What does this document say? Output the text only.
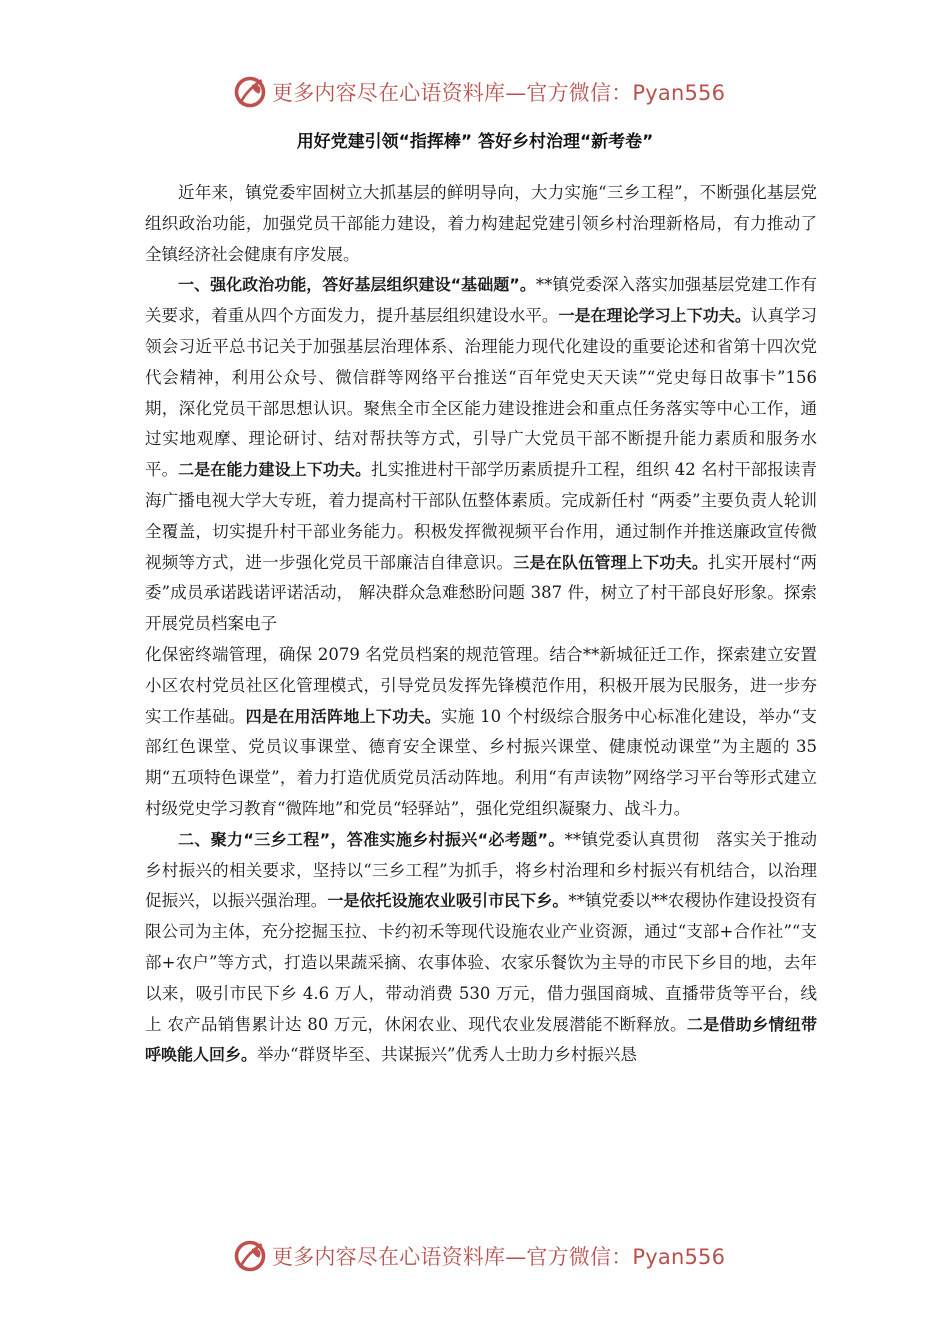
更多内容尽在心语资料库—官方微信：Pyan556
用好党建引领“指挥棒” 答好乡村治理“新考卷”

近年来，镇党委牢固树立大抓基层的鲜明导向，大力实施“三乡工程”，不断强化基层党组织政治功能，加强党员干部能力建设，着力构建起党建引领乡村治理新格局，有力推动了全镇经济社会健康有序发展。

一、强化政治功能，答好基层组织建设“基础题”。**镇党委深入落实加强基层党建工作有关要求，着重从四个方面发力，提升基层组织建设水平。一是在理论学习上下功夫。认真学习领会习近平总书记关于加强基层治理体系、治理能力现代化建设的重要论述和省第十四次党代会精神，利用公众号、微信群等网络平台推送“百年党史天天读”“党史每日故事卡”156 期，深化党员干部思想认识。聚焦全市全区能力建设推进会和重点任务落实等中心工作，通过实地观摩、理论研讨、结对帮扶等方式，引导广大党员干部不断提升能力素质和服务水平。二是在能力建设上下功夫。扎实推进村干部学历素质提升工程，组织 42 名村干部报读青海广播电视大学大专班，着力提高村干部队伍整体素质。完成新任村 “两委”主要负责人轮训全覆盖，切实提升村干部业务能力。积极发挥微视频平台作用，通过制作并推送廉政宣传微视频等方式，进一步强化党员干部廉洁自律意识。三是在队伍管理上下功夫。扎实开展村“两委”成员承诺践诺评诺活动， 解决群众急难愁盼问题 387 件，树立了村干部良好形象。探索开展党员档案电子

化保密终端管理，确保 2079 名党员档案的规范管理。结合**新城征迁工作，探索建立安置小区农村党员社区化管理模式，引导党员发挥先锋模范作用，积极开展为民服务，进一步夯实工作基础。四是在用活阵地上下功夫。实施 10 个村级综合服务中心标准化建设，举办“支部红色课堂、党员议事课堂、德育安全课堂、乡村振兴课堂、健康悦动课堂”为主题的 35 期“五项特色课堂”，着力打造优质党员活动阵地。利用“有声读物”网络学习平台等形式建立村级党史学习教育“微阵地”和党员“轻驿站”，强化党组织凝聚力、战斗力。

二、聚力“三乡工程”，答准实施乡村振兴“必考题”。**镇党委认真贯彻　落实关于推动乡村振兴的相关要求，坚持以“三乡工程”为抓手，将乡村治理和乡村振兴有机结合，以治理促振兴，以振兴强治理。一是依托设施农业吸引市民下乡。**镇党委以**农稷协作建设投资有限公司为主体，充分挖掘玉拉、卡约初禾等现代设施农业产业资源，通过“支部+合作社”“支部+农户”等方式，打造以果蔬采摘、农事体验、农家乐餐饮为主导的市民下乡目的地，去年以来，吸引市民下乡 4.6 万人，带动消费 530 万元，借力强国商城、直播带货等平台，线上 农产品销售累计达 80 万元，休闲农业、现代农业发展潜能不断释放。二是借助乡情纽带呼唤能人回乡。举办“群贤毕至、共谋振兴”优秀人士助力乡村振兴恳

更多内容尽在心语资料库—官方微信：Pyan556
